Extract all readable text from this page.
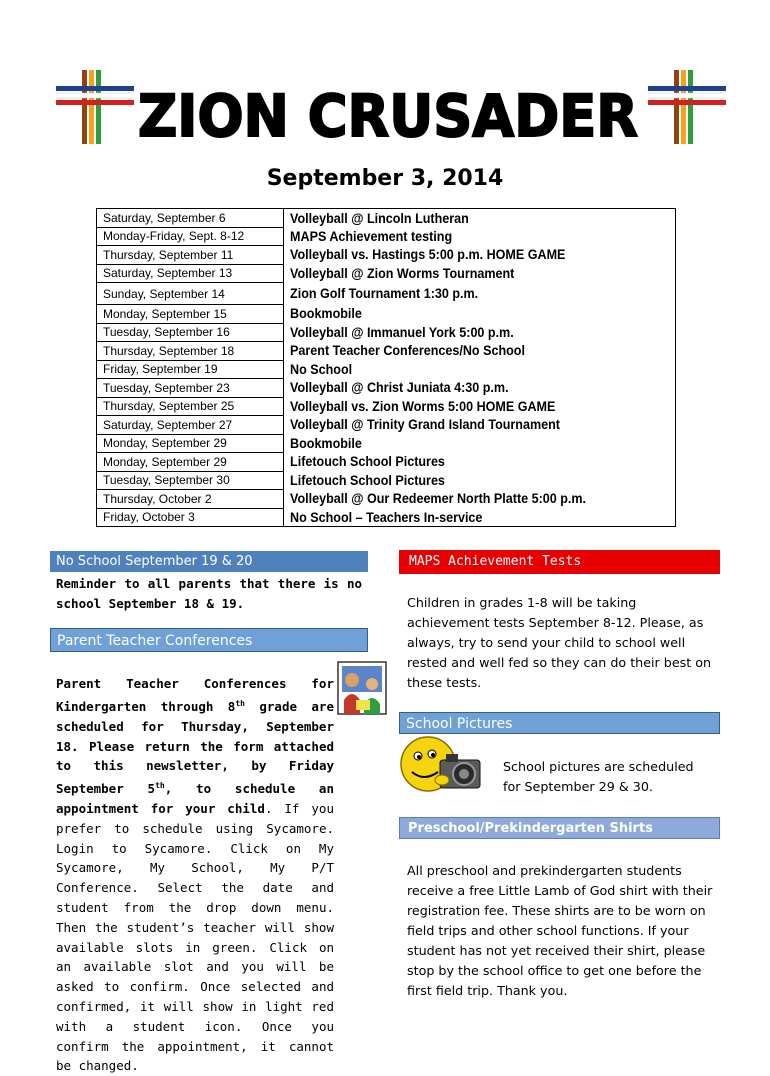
ZION CRUSADER
September 3, 2014
Saturday, September 6	Volleyball @ Lincoln Lutheran
Monday-Friday, Sept. 8-12	MAPS Achievement testing
Thursday, September 11	Volleyball vs. Hastings 5:00 p.m. HOME GAME
Saturday, September 13	Volleyball @ Zion Worms Tournament
Sunday, September 14	Zion Golf Tournament 1:30 p.m.
Monday, September 15	Bookmobile
Tuesday, September 16	Volleyball @ Immanuel York 5:00 p.m.
Thursday, September 18	Parent Teacher Conferences/No School
Friday, September 19	No School
Tuesday, September 23	Volleyball @ Christ Juniata 4:30 p.m.
Thursday, September 25	Volleyball vs. Zion Worms 5:00 HOME GAME
Saturday, September 27	Volleyball @ Trinity Grand Island Tournament
Monday, September 29	Bookmobile
Monday, September 29	Lifetouch School Pictures
Tuesday, September 30	Lifetouch School Pictures
Thursday, October 2	Volleyball @ Our Redeemer North Platte 5:00 p.m.
Friday, October 3	No School – Teachers In-service
No School September 19 & 20
Reminder to all parents that there is no school September 18 & 19.
Parent Teacher Conferences
Parent Teacher Conferences for Kindergarten through 8th grade are scheduled for Thursday, September 18. Please return the form attached to this newsletter, by Friday September 5th, to schedule an appointment for your child. If you prefer to schedule using Sycamore. Login to Sycamore. Click on My Sycamore, My School, My P/T Conference. Select the date and student from the drop down menu. Then the student’s teacher will show available slots in green. Click on an available slot and you will be asked to confirm. Once selected and confirmed, it will show in light red with a student icon. Once you confirm the appointment, it cannot be changed.
MAPS Achievement Tests
Children in grades 1-8 will be taking achievement tests September 8-12. Please, as always, try to send your child to school well rested and well fed so they can do their best on these tests.
School Pictures
School pictures are scheduled for September 29 & 30.
Preschool/Prekindergarten Shirts
All preschool and prekindergarten students receive a free Little Lamb of God shirt with their registration fee. These shirts are to be worn on field trips and other school functions. If your student has not yet received their shirt, please stop by the school office to get one before the first field trip. Thank you.
